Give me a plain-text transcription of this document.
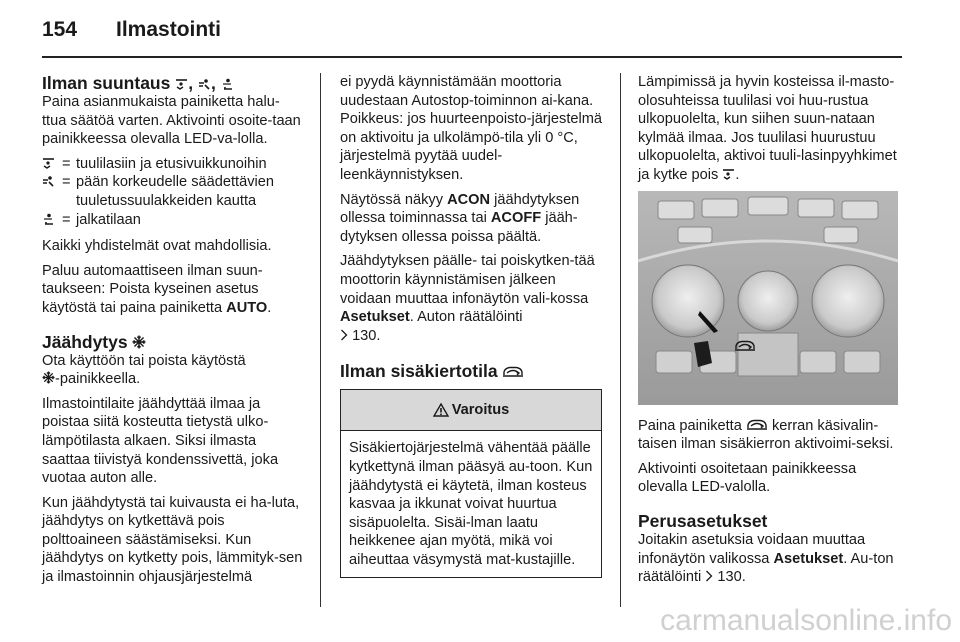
154 Ilmastointi
Ilman suuntaus , ,

Paina asianmukaista painiketta halu-ttua säätöä varten. Aktivointi osoite-taan painikkeessa olevalla LED-va-lolla.

= tuulilasiin ja etusivuikkunoihin
= pään korkeudelle säädettävien tuuletussuulakkeiden kautta
= jalkatilaan

Kaikki yhdistelmät ovat mahdollisia.

Paluu automaattiseen ilman suun-taukseen: Poista kyseinen asetus käytöstä tai paina painiketta AUTO.

Jäähdytys

Ota käyttöön tai poista käytöstä
-painikkeella.

Ilmastointilaite jäähdyttää ilmaa ja poistaa siitä kosteutta tietystä ulko-lämpötilasta alkaen. Siksi ilmasta saattaa tiivistyä kondenssivettä, joka vuotaa auton alle.

Kun jäähdytystä tai kuivausta ei ha-luta, jäähdytys on kytkettävä pois polttoaineen säästämiseksi. Kun jäähdytys on kytketty pois, lämmityk-sen ja ilmastoinnin ohjausjärjestelmä

ei pyydä käynnistämään moottoria uudestaan Autostop-toiminnon ai-kana. Poikkeus: jos huurteenpoisto-järjestelmä on aktivoitu ja ulkolämpö-tila yli 0 °C, järjestelmä pyytää uudel-leenkäynnistyksen.

Näytössä näkyy ACON jäähdytyksen ollessa toiminnassa tai ACOFF jääh-dytyksen ollessa poissa päältä.

Jäähdytyksen päälle- tai poiskytken-tää moottorin käynnistämisen jälkeen voidaan muuttaa infonäytön vali-kossa Asetukset. Auton räätälöinti
130.

Ilman sisäkiertotila
Varoitus
Sisäkiertojärjestelmä vähentää päälle kytkettynä ilman pääsyä au-toon. Kun jäähdytystä ei käytetä, ilman kosteus kasvaa ja ikkunat voivat huurtua sisäpuolelta. Sisäi-lman laatu heikkenee ajan myötä, mikä voi aiheuttaa väsymystä mat-kustajille.

Lämpimissä ja hyvin kosteissa il-masto-olosuhteissa tuulilasi voi huu-rustua ulkopuolelta, kun siihen suun-nataan kylmää ilmaa. Jos tuulilasi huurustuu ulkopuolelta, aktivoi tuuli-lasinpyyhkimet ja kytke pois .

Paina painiketta kerran käsivalin-taisen ilman sisäkierron aktivoimi-seksi.

Aktivointi osoitetaan painikkeessa olevalla LED-valolla.

Perusasetukset

Joitakin asetuksia voidaan muuttaa infonäytön valikossa Asetukset. Au-ton räätälöinti 130.

carmanualsonline.info
